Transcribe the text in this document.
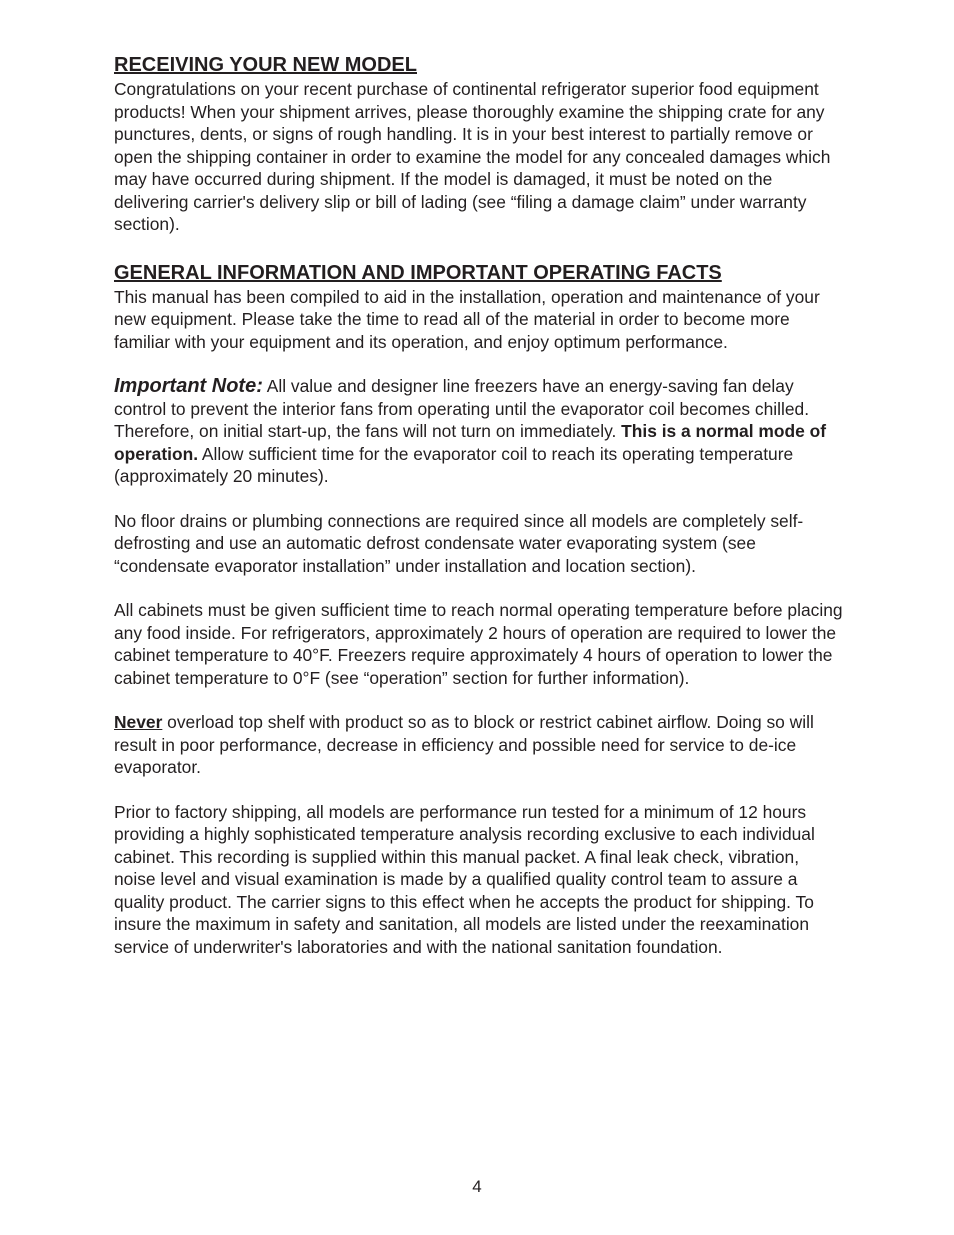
RECEIVING YOUR NEW MODEL

Congratulations on your recent purchase of continental refrigerator superior food equipment products! When your shipment arrives, please thoroughly examine the shipping crate for any punctures, dents, or signs of rough handling. It is in your best interest to partially remove or open the shipping container in order to examine the model for any concealed damages which may have occurred during shipment. If the model is damaged, it must be noted on the delivering carrier's delivery slip or bill of lading (see “filing a damage claim” under warranty section).

GENERAL INFORMATION AND IMPORTANT OPERATING FACTS

This manual has been compiled to aid in the installation, operation and maintenance of your new equipment. Please take the time to read all of the material in order to become more familiar with your equipment and its operation, and enjoy optimum performance.

Important Note: All value and designer line freezers have an energy-saving fan delay control to prevent the interior fans from operating until the evaporator coil becomes chilled. Therefore, on initial start-up, the fans will not turn on immediately. This is a normal mode of operation. Allow sufficient time for the evaporator coil to reach its operating temperature (approximately 20 minutes).

No floor drains or plumbing connections are required since all models are completely self-defrosting and use an automatic defrost condensate water evaporating system (see “condensate evaporator installation” under installation and location section).

All cabinets must be given sufficient time to reach normal operating temperature before placing any food inside. For refrigerators, approximately 2 hours of operation are required to lower the cabinet temperature to 40°F. Freezers require approximately 4 hours of operation to lower the cabinet temperature to 0°F (see “operation” section for further information).

Never overload top shelf with product so as to block or restrict cabinet airflow. Doing so will result in poor performance, decrease in efficiency and possible need for service to de-ice evaporator.

Prior to factory shipping, all models are performance run tested for a minimum of 12 hours providing a highly sophisticated temperature analysis recording exclusive to each individual cabinet. This recording is supplied within this manual packet. A final leak check, vibration, noise level and visual examination is made by a qualified quality control team to assure a quality product. The carrier signs to this effect when he accepts the product for shipping. To insure the maximum in safety and sanitation, all models are listed under the reexamination service of underwriter's laboratories and with the national sanitation foundation.

4
